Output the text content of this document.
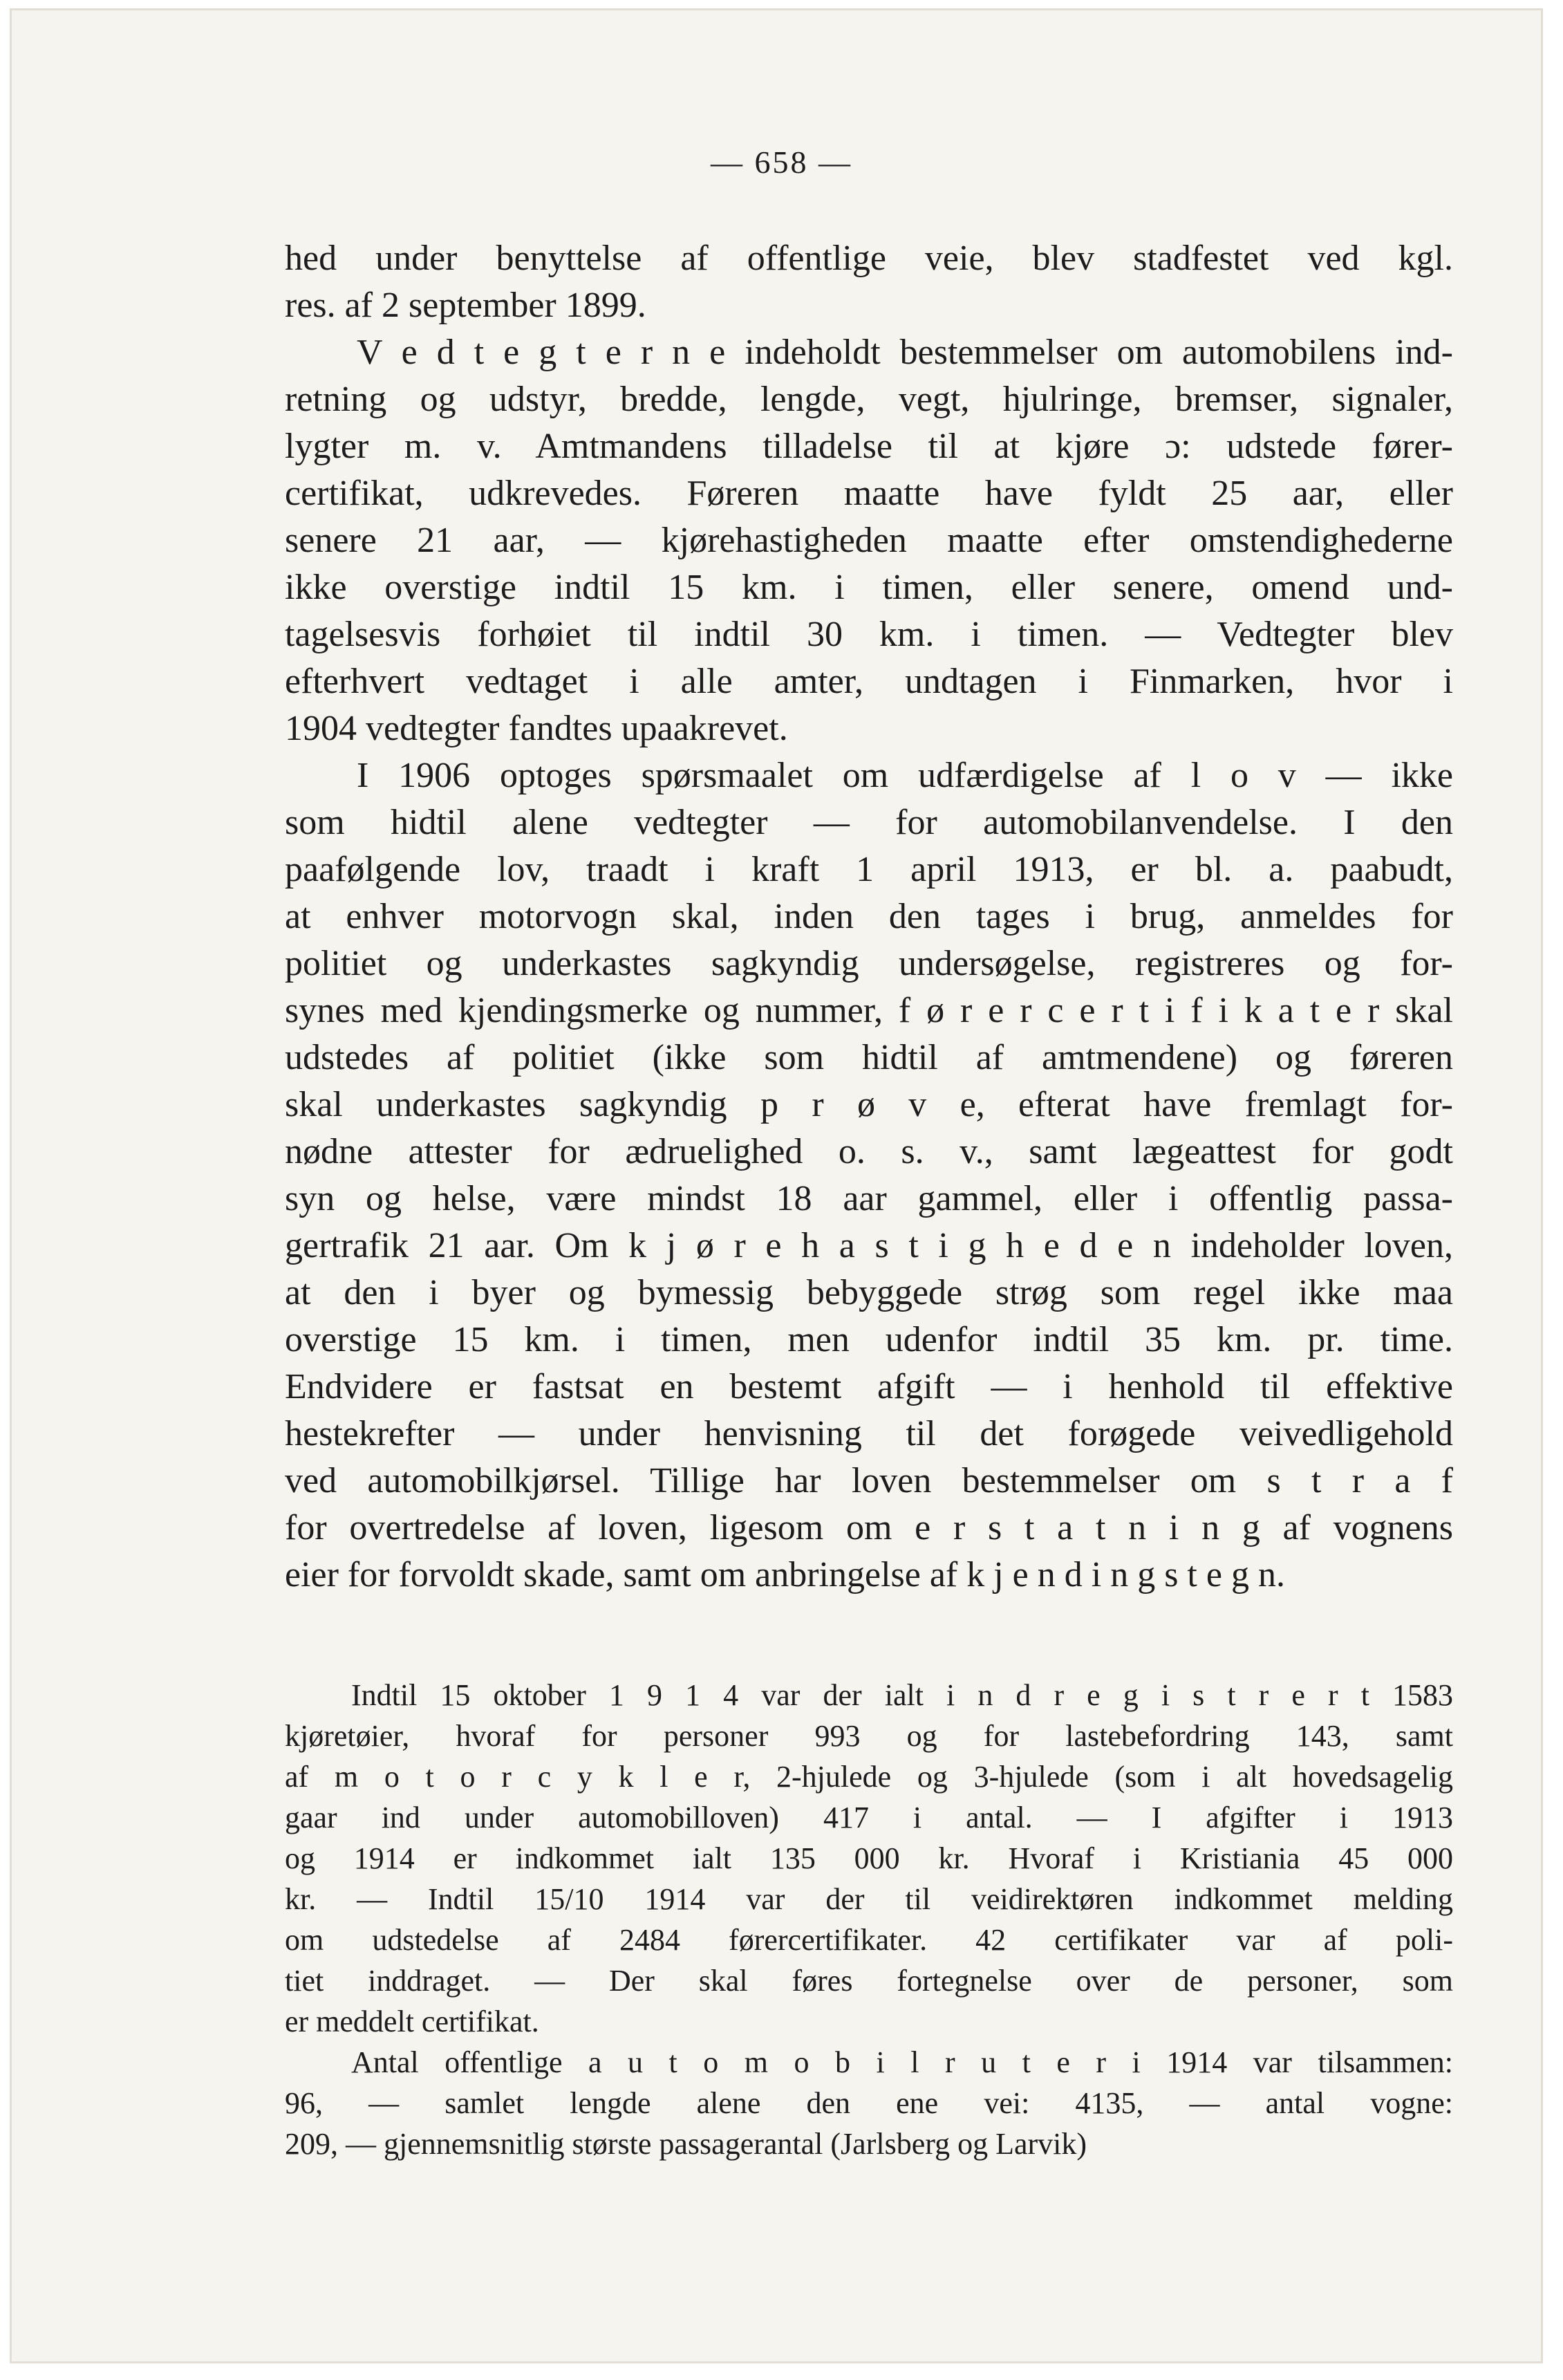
— 658 —
hed under benyttelse af offentlige veie, blev stadfestet ved kgl.
res. af 2 september 1899.
V e d t e g t e r n e indeholdt bestemmelser om automobilens ind-
retning og udstyr, bredde, lengde, vegt, hjulringe, bremser, signaler,
lygter m. v. Amtmandens tilladelse til at kjøre ɔ: udstede fører-
certifikat, udkrevedes. Føreren maatte have fyldt 25 aar, eller
senere 21 aar, — kjørehastigheden maatte efter omstendighederne
ikke overstige indtil 15 km. i timen, eller senere, omend und-
tagelsesvis forhøiet til indtil 30 km. i timen. — Vedtegter blev
efterhvert vedtaget i alle amter, undtagen i Finmarken, hvor i
1904 vedtegter fandtes upaakrevet.
I 1906 optoges spørsmaalet om udfærdigelse af l o v — ikke
som hidtil alene vedtegter — for automobilanvendelse. I den
paafølgende lov, traadt i kraft 1 april 1913, er bl. a. paabudt,
at enhver motorvogn skal, inden den tages i brug, anmeldes for
politiet og underkastes sagkyndig undersøgelse, registreres og for-
synes med kjendingsmerke og nummer, f ø r e r c e r t i f i k a t e r skal
udstedes af politiet (ikke som hidtil af amtmendene) og føreren
skal underkastes sagkyndig p r ø v e, efterat have fremlagt for-
nødne attester for ædruelighed o. s. v., samt lægeattest for godt
syn og helse, være mindst 18 aar gammel, eller i offentlig passa-
gertrafik 21 aar. Om k j ø r e h a s t i g h e d e n indeholder loven,
at den i byer og bymessig bebyggede strøg som regel ikke maa
overstige 15 km. i timen, men udenfor indtil 35 km. pr. time.
Endvidere er fastsat en bestemt afgift — i henhold til effektive
hestekrefter — under henvisning til det forøgede veivedligehold
ved automobilkjørsel. Tillige har loven bestemmelser om s t r a f
for overtredelse af loven, ligesom om e r s t a t n i n g af vognens
eier for forvoldt skade, samt om anbringelse af k j e n d i n g s t e g n.
Indtil 15 oktober 1 9 1 4 var der ialt i n d r e g i s t r e r t 1583
kjøretøier, hvoraf for personer 993 og for lastebefordring 143, samt
af m o t o r c y k l e r, 2-hjulede og 3-hjulede (som i alt hovedsagelig
gaar ind under automobilloven) 417 i antal. — I afgifter i 1913
og 1914 er indkommet ialt 135 000 kr. Hvoraf i Kristiania 45 000
kr. — Indtil 15/10 1914 var der til veidirektøren indkommet melding
om udstedelse af 2484 førercertifikater. 42 certifikater var af poli-
tiet inddraget. — Der skal føres fortegnelse over de personer, som
er meddelt certifikat.
Antal offentlige a u t o m o b i l r u t e r i 1914 var tilsammen:
96, — samlet lengde alene den ene vei: 4135, — antal vogne:
209, — gjennemsnitlig største passagerantal (Jarlsberg og Larvik)
